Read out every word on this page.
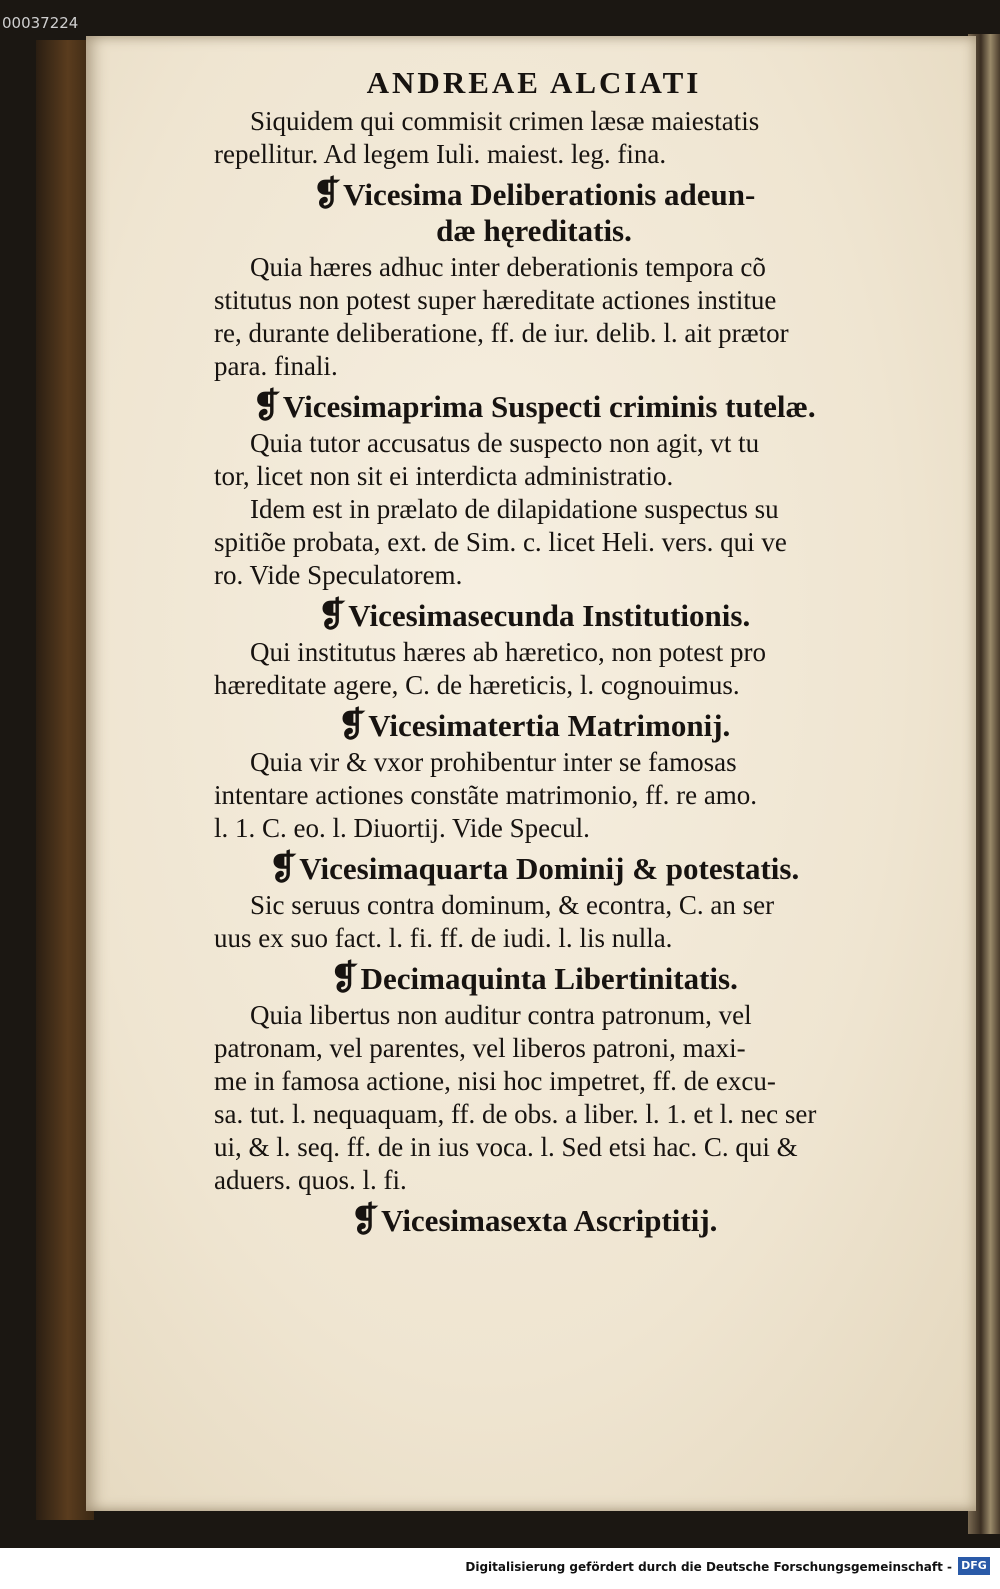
00037224
ANDREAE ALCIATI
Siquidem qui commisit crimen læsæ maiestatis
repellitur. Ad legem Iuli. maiest. leg. fina.
❡Vicesima Deliberationis adeun-
dæ hęreditatis.
Quia hæres adhuc inter deberationis tempora cõ
stitutus non potest super hæreditate actiones institue
re, durante deliberatione, ff. de iur. delib. l. ait prætor
para. finali.
❡Vicesimaprima Suspecti criminis tutelæ.
Quia tutor accusatus de suspecto non agit, vt tu
tor, licet non sit ei interdicta administratio.
Idem est in prælato de dilapidatione suspectus su
spitiõe probata, ext. de Sim. c. licet Heli. vers. qui ve
ro. Vide Speculatorem.
❡Vicesimasecunda Institutionis.
Qui institutus hæres ab hæretico, non potest pro
hæreditate agere, C. de hæreticis, l. cognouimus.
❡Vicesimatertia Matrimonij.
Quia vir & vxor prohibentur inter se famosas
intentare actiones constãte matrimonio, ff. re amo.
l. 1. C. eo. l. Diuortij. Vide Specul.
❡Vicesimaquarta Dominij & potestatis.
Sic seruus contra dominum, & econtra, C. an ser
uus ex suo fact. l. fi. ff. de iudi. l. lis nulla.
❡Decimaquinta Libertinitatis.
Quia libertus non auditur contra patronum, vel
patronam, vel parentes, vel liberos patroni, maxi-
me in famosa actione, nisi hoc impetret, ff. de excu-
sa. tut. l. nequaquam, ff. de obs. a liber. l. 1. et l. nec ser
ui, & l. seq. ff. de in ius voca. l. Sed etsi hac. C. qui &
aduers. quos. l. fi.
❡Vicesimasexta Ascriptitij.
Digitalisierung gefördert durch die Deutsche Forschungsgemeinschaft - DFG
